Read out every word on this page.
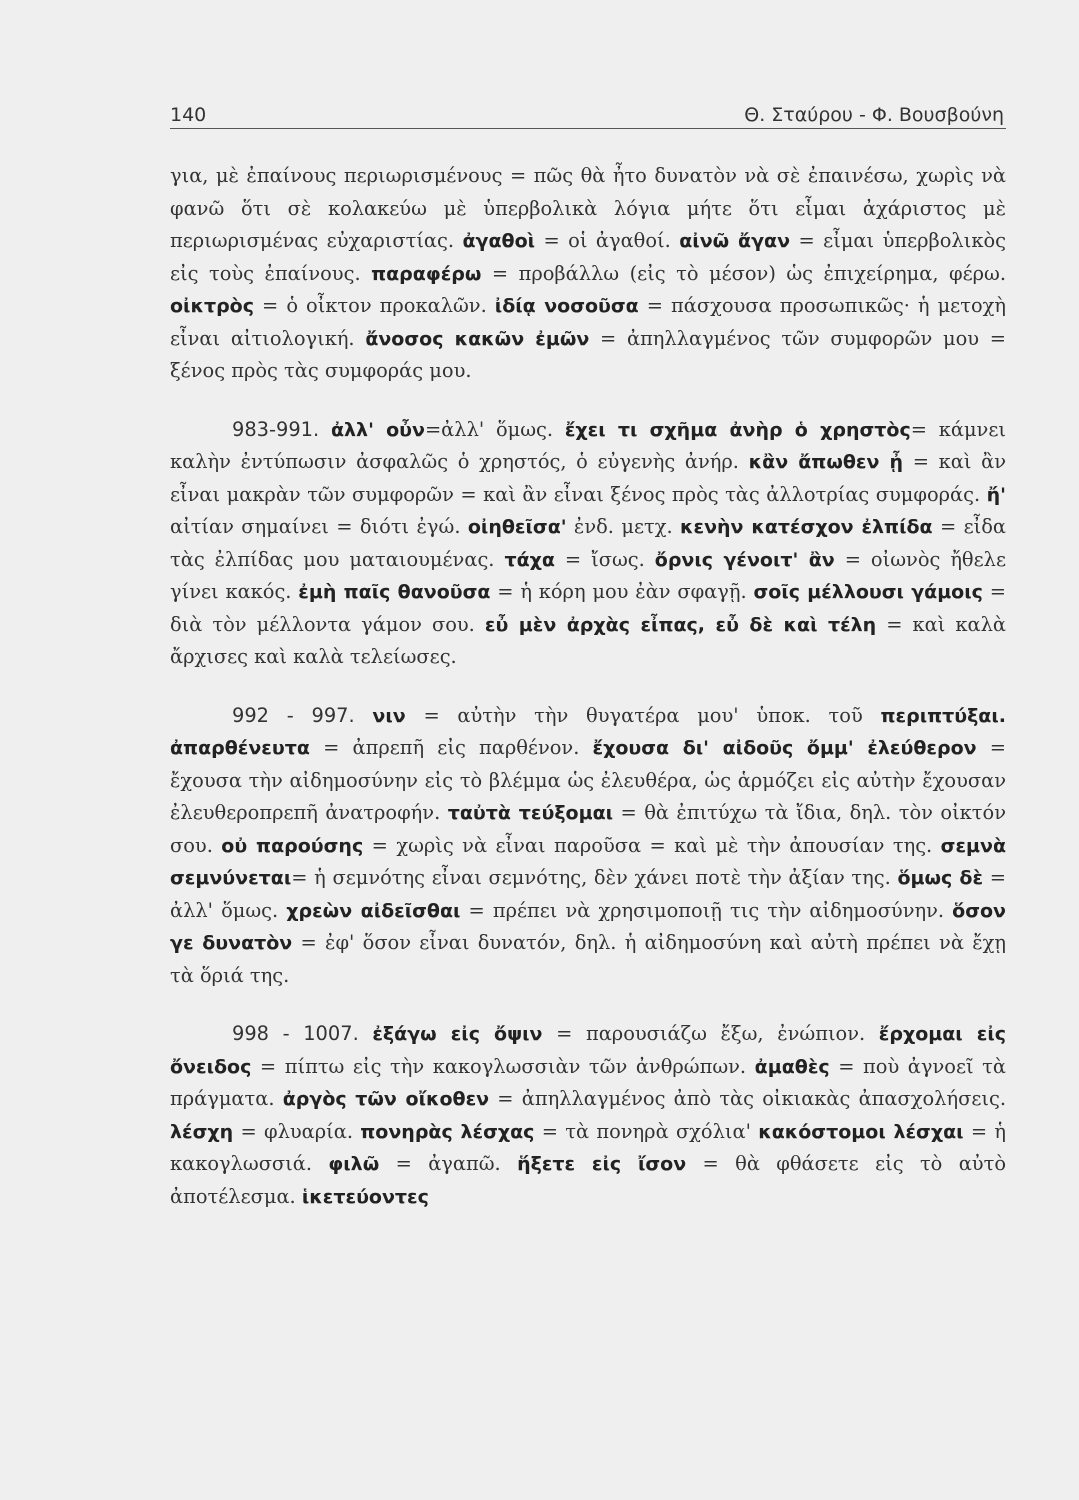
140	Θ. Σταύρου - Φ. Βουσβούνη

για, μὲ ἐπαίνους περιωρισμένους = πῶς θὰ ἦτο δυνατὸν νὰ σὲ ἐπαινέσω, χωρὶς νὰ φανῶ ὅτι σὲ κολακεύω μὲ ὑπερβολικὰ λόγια μήτε ὅτι εἶμαι ἀχάριστος μὲ περιωρισμένας εὐχαριστίας. ἀγαθοὶ = οἱ ἀγαθοί. αἰνῶ ἄγαν = εἶμαι ὑπερβολικὸς εἰς τοὺς ἐπαίνους. παραφέρω = προβάλλω (εἰς τὸ μέσον) ὡς ἐπιχείρημα, φέρω. οἰκτρὸς = ὁ οἶκτον προκαλῶν. ἰδίᾳ νοσοῦσα = πάσχουσα προσωπικῶς· ἡ μετοχὴ εἶναι αἰτιολογική. ἄνοσος κακῶν ἐμῶν = ἀπηλλαγμένος τῶν συμφορῶν μου = ξένος πρὸς τὰς συμφοράς μου.

983-991. ἀλλ' οὖν=ἀλλ' ὅμως. ἔχει τι σχῆμα ἀνὴρ ὁ χρηστὸς= κάμνει καλὴν ἐντύπωσιν ἀσφαλῶς ὁ χρηστός, ὁ εὐγενὴς ἀνήρ. κἂν ἄπωθεν ᾖ = καὶ ἂν εἶναι μακρὰν τῶν συμφορῶν = καὶ ἂν εἶναι ξένος πρὸς τὰς ἀλλοτρίας συμφοράς. ἤ' αἰτίαν σημαίνει = διότι ἐγώ. οἰηθεῖσα' ἐνδ. μετχ. κενὴν κατέσχον ἐλπίδα = εἶδα τὰς ἐλπίδας μου ματαιουμένας. τάχα = ἴσως. ὄρνις γένοιτ' ἂν = οἰωνὸς ἤθελε γίνει κακός. ἐμὴ παῖς θανοῦσα = ἡ κόρη μου ἐὰν σφαγῇ. σοῖς μέλλουσι γάμοις = διὰ τὸν μέλλοντα γάμον σου. εὖ μὲν ἀρχὰς εἶπας, εὖ δὲ καὶ τέλη = καὶ καλὰ ἄρχισες καὶ καλὰ τελείωσες.

992 - 997. νιν = αὐτὴν τὴν θυγατέρα μου' ὑποκ. τοῦ περιπτύξαι. ἀπαρθένευτα = ἀπρεπῆ εἰς παρθένον. ἔχουσα δι' αἰδοῦς ὄμμ' ἐλεύθερον = ἔχουσα τὴν αἰδημοσύνην εἰς τὸ βλέμμα ὡς ἐλευθέρα, ὡς ἁρμόζει εἰς αὐτὴν ἔχουσαν ἐλευθεροπρεπῆ ἀνατροφήν. ταὐτὰ τεύξομαι = θὰ ἐπιτύχω τὰ ἴδια, δηλ. τὸν οἰκτόν σου. οὐ παρούσης = χωρὶς νὰ εἶναι παροῦσα = καὶ μὲ τὴν ἀπουσίαν της. σεμνὰ σεμνύνεται= ἡ σεμνότης εἶναι σεμνότης, δὲν χάνει ποτὲ τὴν ἀξίαν της. ὅμως δὲ = ἀλλ' ὅμως. χρεὼν αἰδεῖσθαι = πρέπει νὰ χρησιμοποιῇ τις τὴν αἰδημοσύνην. ὅσον γε δυνατὸν = ἐφ' ὅσον εἶναι δυνατόν, δηλ. ἡ αἰδημοσύνη καὶ αὐτὴ πρέπει νὰ ἔχῃ τὰ ὅριά της.

998 - 1007. ἐξάγω εἰς ὄψιν = παρουσιάζω ἔξω, ἐνώπιον. ἔρχομαι εἰς ὄνειδος = πίπτω εἰς τὴν κακογλωσσιὰν τῶν ἀνθρώπων. ἀμαθὲς = ποὺ ἀγνοεῖ τὰ πράγματα. ἀργὸς τῶν οἴκοθεν = ἀπηλλαγμένος ἀπὸ τὰς οἰκιακὰς ἀπασχολήσεις. λέσχη = φλυαρία. πονηρὰς λέσχας = τὰ πονηρὰ σχόλια' κακόστομοι λέσχαι = ἡ κακογλωσσιά. φιλῶ = ἀγαπῶ. ἥξετε εἰς ἴσον = θὰ φθάσετε εἰς τὸ αὐτὸ ἀποτέλεσμα. ἱκετεύοντες
